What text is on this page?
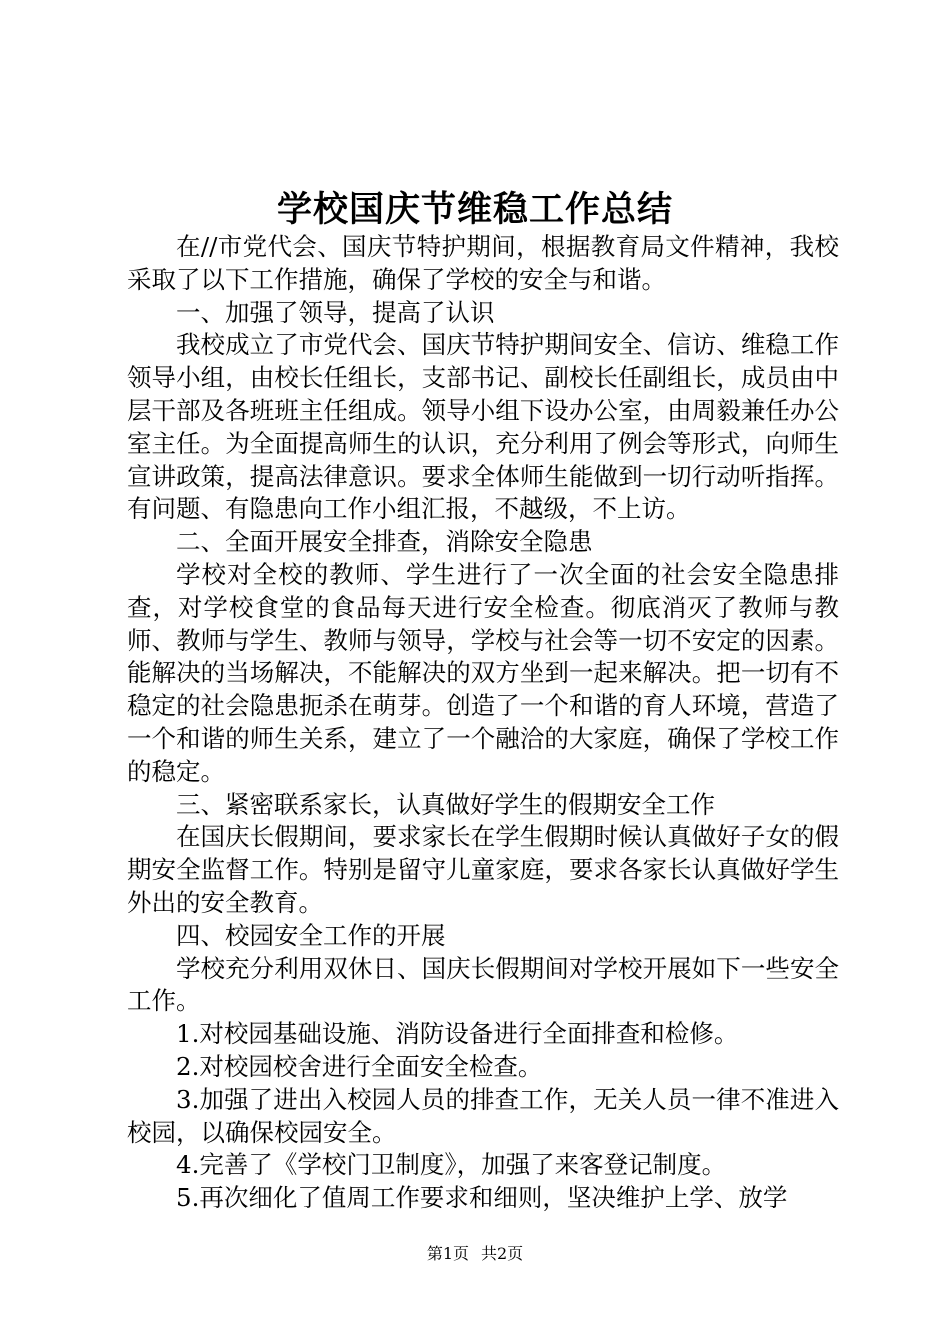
学校国庆节维稳工作总结

在//市党代会、国庆节特护期间，根据教育局文件精神，我校采取了以下工作措施，确保了学校的安全与和谐。

一、加强了领导，提高了认识

我校成立了市党代会、国庆节特护期间安全、信访、维稳工作领导小组，由校长任组长，支部书记、副校长任副组长，成员由中层干部及各班班主任组成。领导小组下设办公室，由周毅兼任办公室主任。为全面提高师生的认识，充分利用了例会等形式，向师生宣讲政策，提高法律意识。要求全体师生能做到一切行动听指挥。有问题、有隐患向工作小组汇报，不越级，不上访。

二、全面开展安全排查，消除安全隐患

学校对全校的教师、学生进行了一次全面的社会安全隐患排查，对学校食堂的食品每天进行安全检查。彻底消灭了教师与教师、教师与学生、教师与领导，学校与社会等一切不安定的因素。能解决的当场解决，不能解决的双方坐到一起来解决。把一切有不稳定的社会隐患扼杀在萌芽。创造了一个和谐的育人环境，营造了一个和谐的师生关系，建立了一个融洽的大家庭，确保了学校工作的稳定。

三、紧密联系家长，认真做好学生的假期安全工作

在国庆长假期间，要求家长在学生假期时候认真做好子女的假期安全监督工作。特别是留守儿童家庭，要求各家长认真做好学生外出的安全教育。

四、校园安全工作的开展

学校充分利用双休日、国庆长假期间对学校开展如下一些安全工作。

1.对校园基础设施、消防设备进行全面排查和检修。

2.对校园校舍进行全面安全检查。

3.加强了进出入校园人员的排查工作，无关人员一律不准进入校园，以确保校园安全。

4.完善了《学校门卫制度》，加强了来客登记制度。

5.再次细化了值周工作要求和细则，坚决维护上学、放学

第1页 共2页
